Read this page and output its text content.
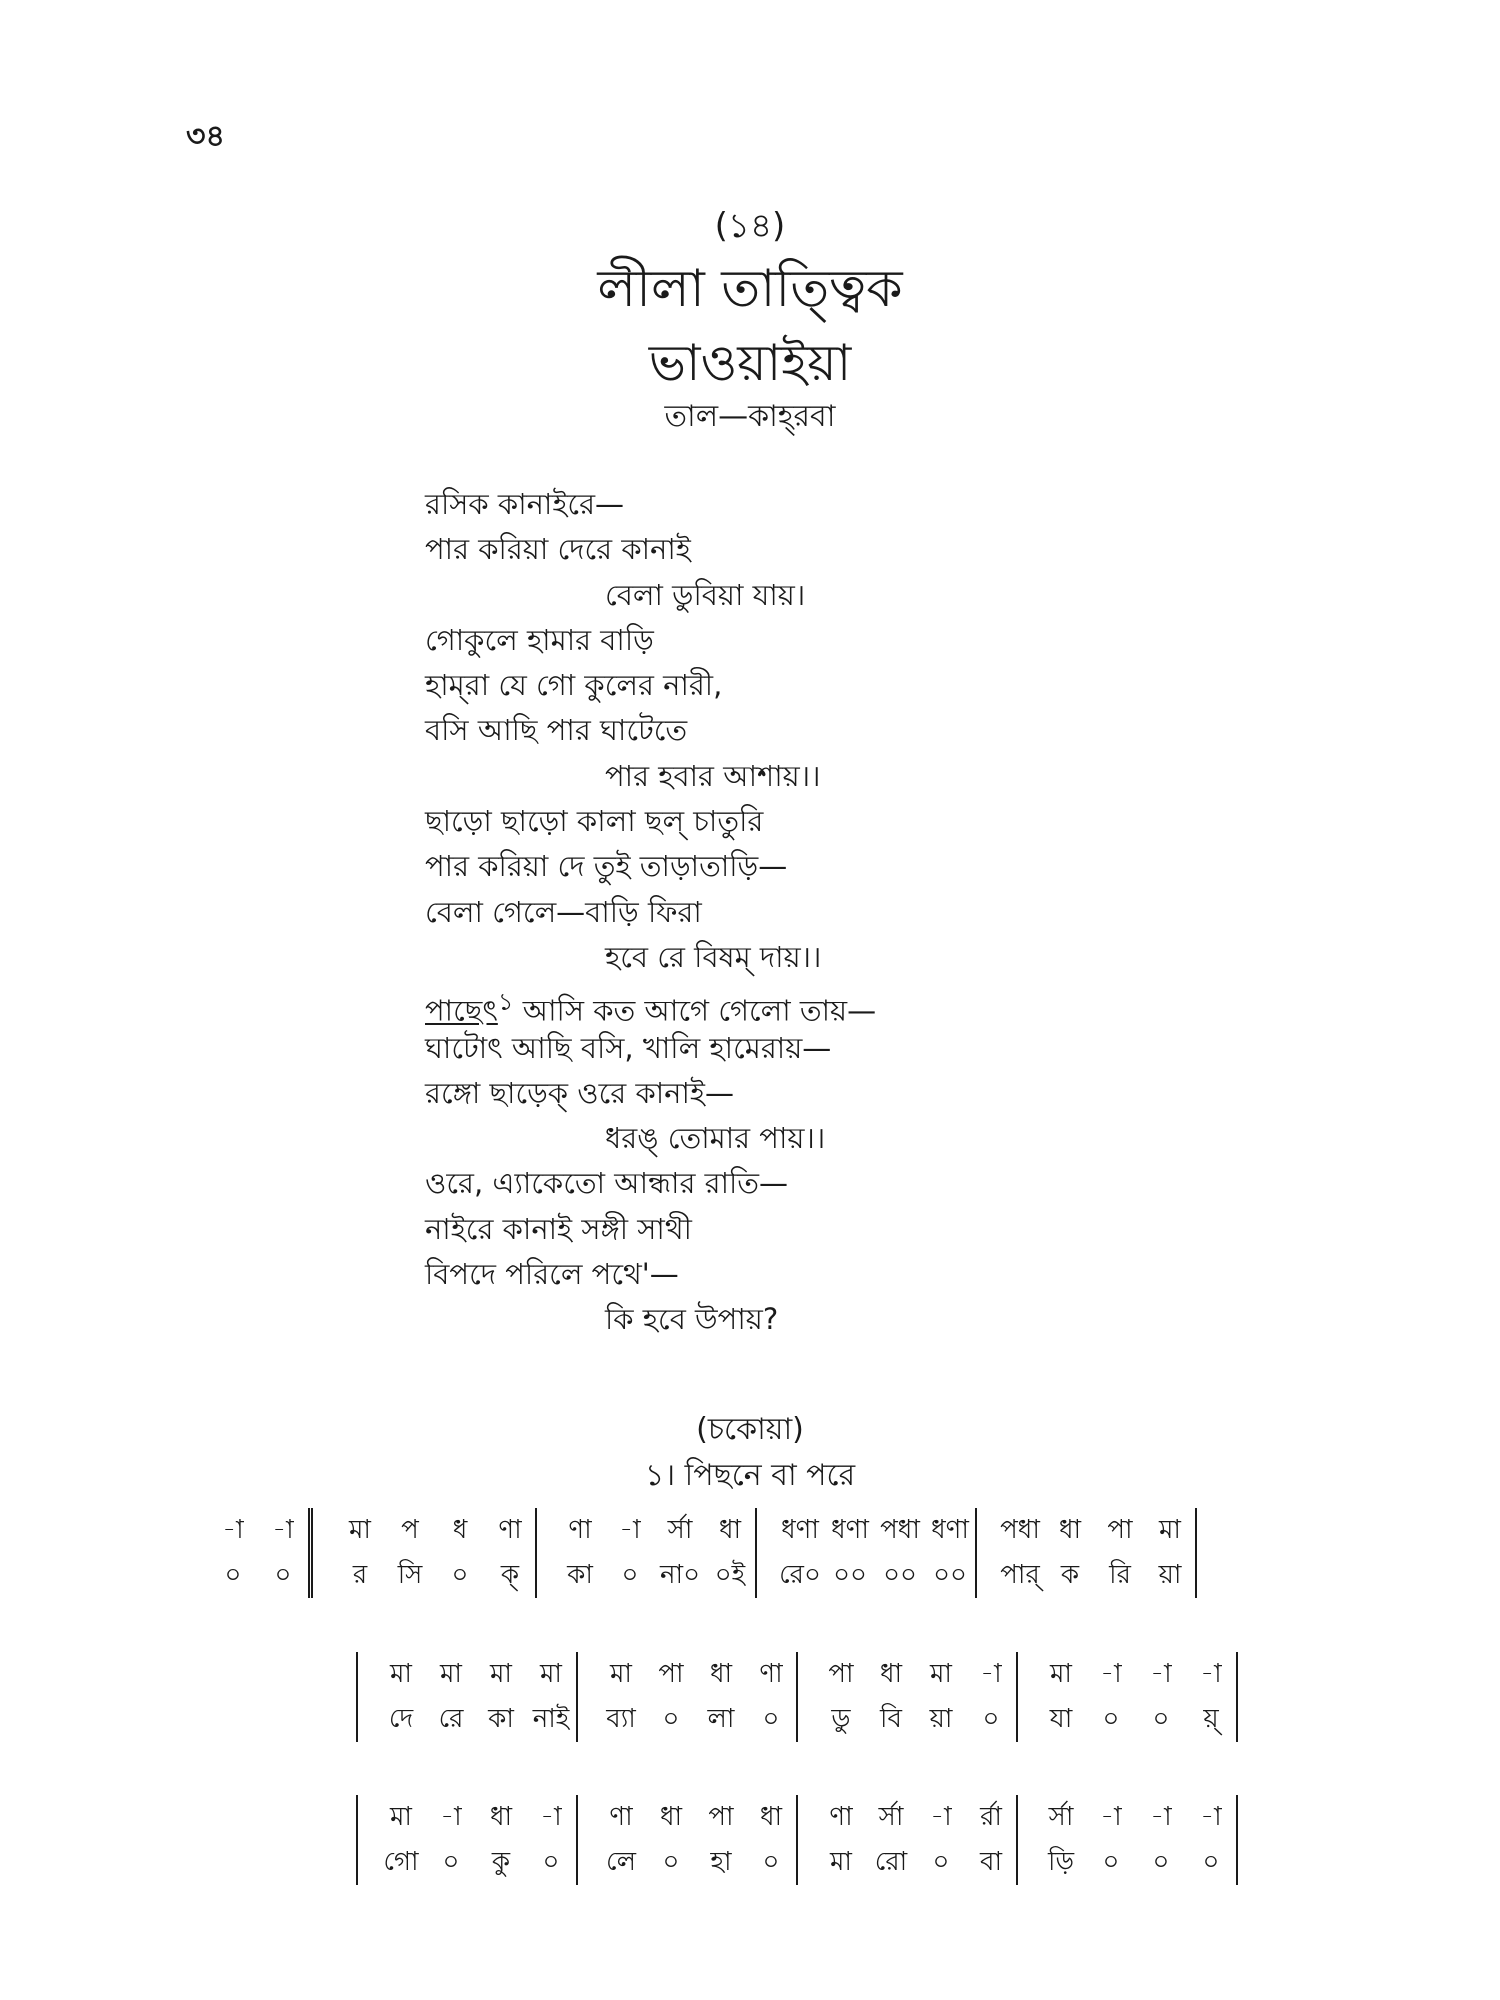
৩৪
(১৪)
লীলা তাত্ত্বিক
ভাওয়াইয়া
তাল—কাহ্‌রবা
রসিক কানাইরে—
পার করিয়া দেরে কানাই
বেলা ডুবিয়া যায়।
গোকুলে হামার বাড়ি
হাম্‌রা যে গো কুলের নারী,
বসি আছি পার ঘাটেতে
পার হবার আশায়।।
ছাড়ো ছাড়ো কালা ছল্‌ চাতুরি
পার করিয়া দে তুই তাড়াতাড়ি—
বেলা গেলে—বাড়ি ফিরা
হবে রে বিষম্‌ দায়।।
পাছেৎ$^১$ আসি কত আগে গেলো তায়—
ঘাটোৎ আছি বসি, খালি হামেরায়—
রঙ্গো ছাড়েক্‌ ওরে কানাই—
ধরঙ্‌ তোমার পায়।।
ওরে, এ্যাকেতো আন্ধার রাতি—
নাইরে কানাই সঙ্গী সাথী
বিপদে পরিলে পথে'—
কি হবে উপায়?
(চকোয়া)
১। পিছনে বা পরে
-া	-া		মা	প	ধ	ণা		ণা	-া	র্সা	ধা		ধণা	ধণা	পধা	ধণা		পধা	ধা	পা	মা	
০	০		র	সি	০	ক্‌		কা	০	না০	০ই		রে০	০০	০০	০০		পার্‌	ক	রি	য়া	
	মা	মা	মা	মা		মা	পা	ধা	ণা		পা	ধা	মা	-া		মা	-া	-া	-া	
	দে	রে	কা	নাই		ব্যা	০	লা	০		ডু	বি	য়া	০		যা	০	০	য়্‌	
	মা	-া	ধা	-া		ণা	ধা	পা	ধা		ণা	র্সা	-া	র্রা		র্সা	-া	-া	-া	
	গো	০	কু	০		লে	০	হা	০		মা	রো	০	বা		ড়ি	০	০	০	
